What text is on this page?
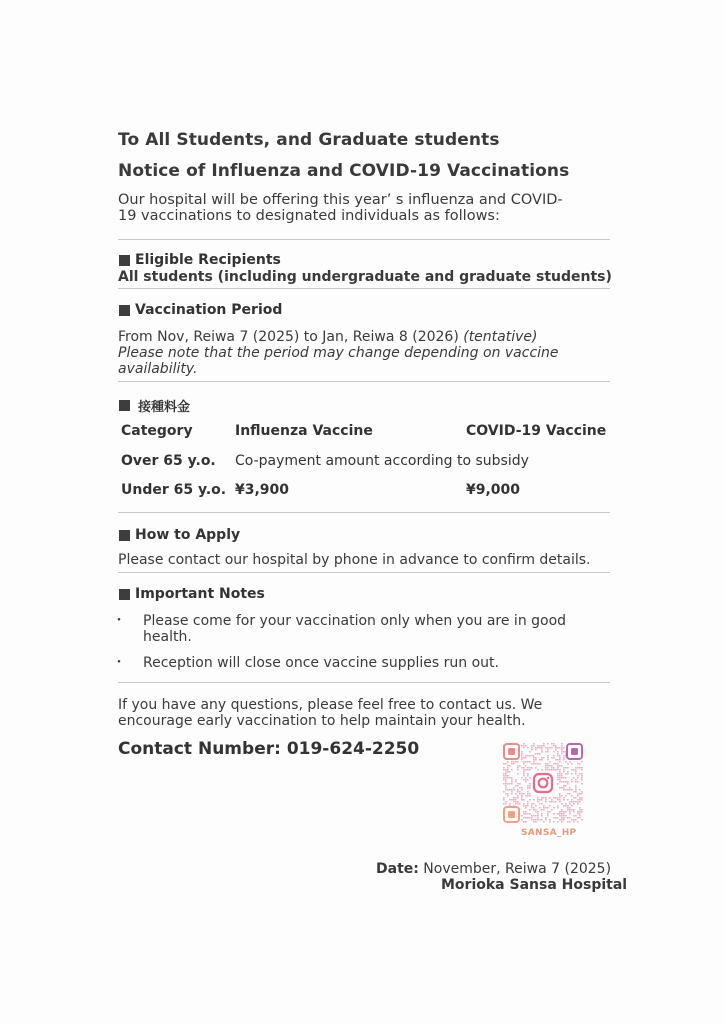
To All Students, and Graduate students
Notice of Influenza and COVID-19 Vaccinations
Our hospital will be offering this year’ s influenza and COVID-
19 vaccinations to designated individuals as follows:
Eligible Recipients
All students (including undergraduate and graduate students)
Vaccination Period
From Nov, Reiwa 7 (2025) to Jan, Reiwa 8 (2026) (tentative)
Please note that the period may change depending on vaccine
availability.
接種料金
Category	Influenza Vaccine	COVID-19 Vaccine
Over 65 y.o. Co-payment amount according to subsidy
Under 65 y.o. ¥3,900	¥9,000
How to Apply
Please contact our hospital by phone in advance to confirm details.
Important Notes
・ Please come for your vaccination only when you are in good
health.
・ Reception will close once vaccine supplies run out.
If you have any questions, please feel free to contact us. We
encourage early vaccination to help maintain your health.
Contact Number: 019-624-2250
SANSA_HP
Date: November, Reiwa 7 (2025)
Morioka Sansa Hospital
